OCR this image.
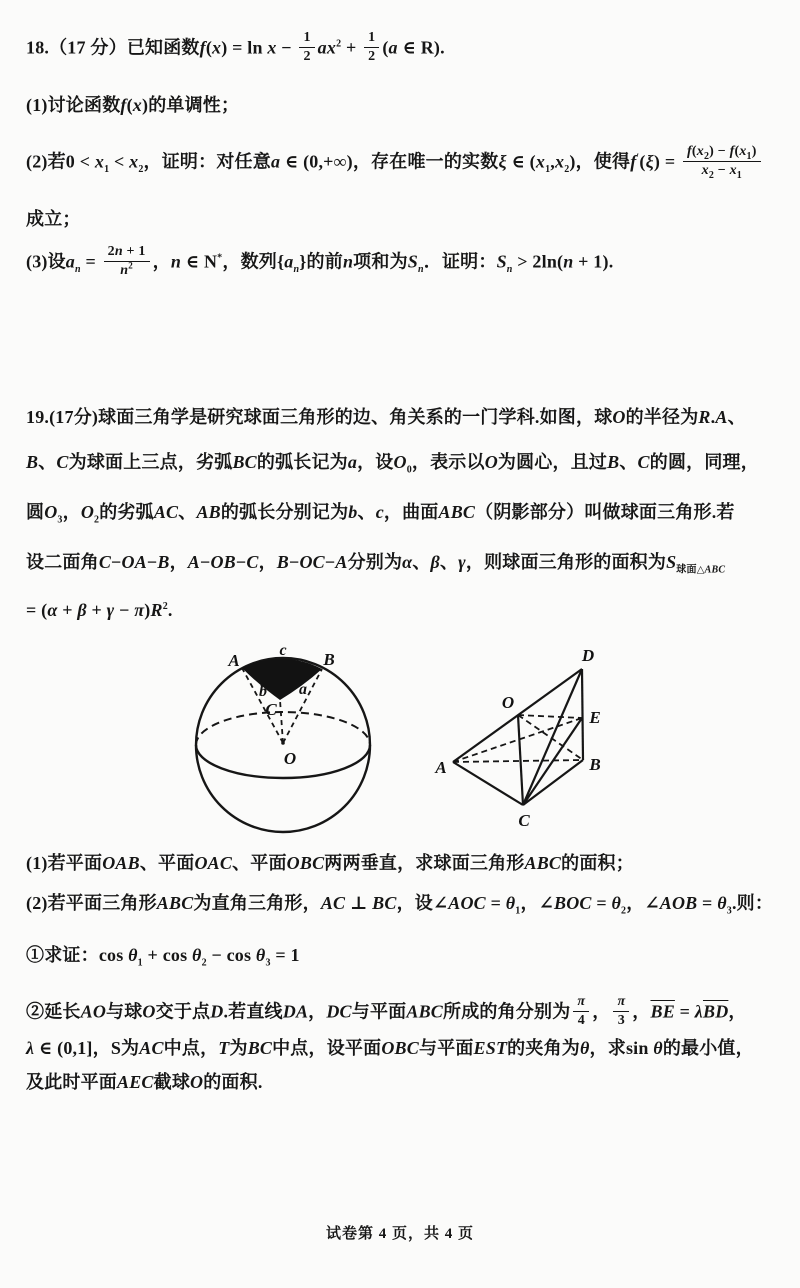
18.（17 分）已知函数$f(x) = \ln x - \frac{1}{2} ax^2 + \frac{1}{2} (a$ ∈ R).
(1)讨论函数f(x)的单调性；
(2)若$0 < x_1 < x_2$，证明：对任意a ∈ (0,+∞)，存在唯一的实数ξ ∈ $(x_1,x_2)$，使得$f'(\xi) = \frac{f(x_2) - f(x_1)}{x_2 - x_1}$
成立；
(3)设$a_n = \frac{2n + 1}{n^2}$ ，n ∈ N*，数列$\{a_n\}$的前n项和为$S_n$．证明：$S_n > 2\ln(n + 1)$.
19.(17分)球面三角学是研究球面三角形的边、角关系的一门学科.如图，球O的半径为R.A、
B、C为球面上三点，劣弧BC的弧长记为a，设$O_0$，表示以O为圆心，且过B、C的圆，同理，
圆$O_3$，$O_2$的劣弧AC、AB的弧长分别记为b、c，曲面ABC（阴影部分）叫做球面三角形.若
设二面角C−OA−B，A−OB−C，B−OC−A分别为α、β、γ，则球面三角形的面积为$S_{球面\triangle ABC}$
= $(\alpha + \beta + \gamma - \pi)R^2$.
(1)若平面OAB、平面OAC、平面OBC两两垂直，求球面三角形ABC的面积；
(2)若平面三角形ABC为直角三角形，AC ⊥ BC，设∠AOC = $\theta_1$，∠BOC = $\theta_2$，∠AOB = $\theta_3$.则：
①求证：$\cos \theta_1 + \cos \theta_2 - \cos \theta_3 = 1$
②延长AO与球O交于点D.若直线DA，DC与平面ABC所成的角分别为 $\frac{\pi}{4}$ ， $\frac{\pi}{3}$ ，$\overline{BE} = \lambda\overline{BD}$，
λ ∈ (0,1]，S为AC中点，T为BC中点，设平面OBC与平面EST的夹角为θ，求sin θ的最小值，
及此时平面AEC截球O的面积.
A
c B
b a
C
O
D
O
E
A	B
C
试卷第 4 页，共 4 页
